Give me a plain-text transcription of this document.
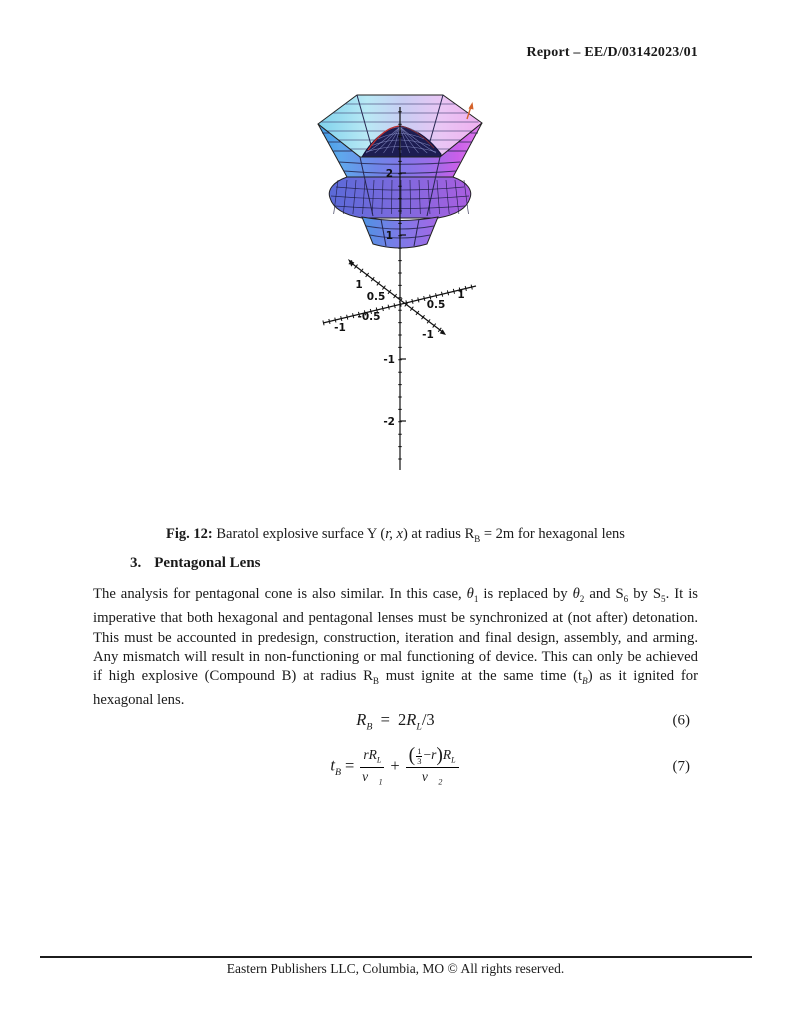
Report – EE/D/03142023/01
2
1
-1
-2
-1
-0.5
0.5
1
1
0.5
-1
Fig. 12: Baratol explosive surface Y (r, x) at radius $R_B = 2m$ for hexagonal lens
3. Pentagonal Lens

The analysis for pentagonal cone is also similar. In this case, $\theta_1$ is replaced by $\theta_2$ and $S_6$ by $S_5$. It is imperative that both hexagonal and pentagonal lenses must be synchronized at (not after) detonation. This must be accounted in predesign, construction, iteration and final design, assembly, and arming. Any mismatch will result in non-functioning or mal functioning of device. This can only be achieved if high explosive (Compound B) at radius $R_B$ must ignite at the same time $(t_B)$ as it ignited for hexagonal lens.

$R_B = 2R_L/3$	(6)
$t_B = \frac{rR_L}{v⃗_1} + \frac{( \frac{1}{3} -r)R_L}{v⃗_2}$	(7)
Eastern Publishers LLC, Columbia, MO © All rights reserved.
